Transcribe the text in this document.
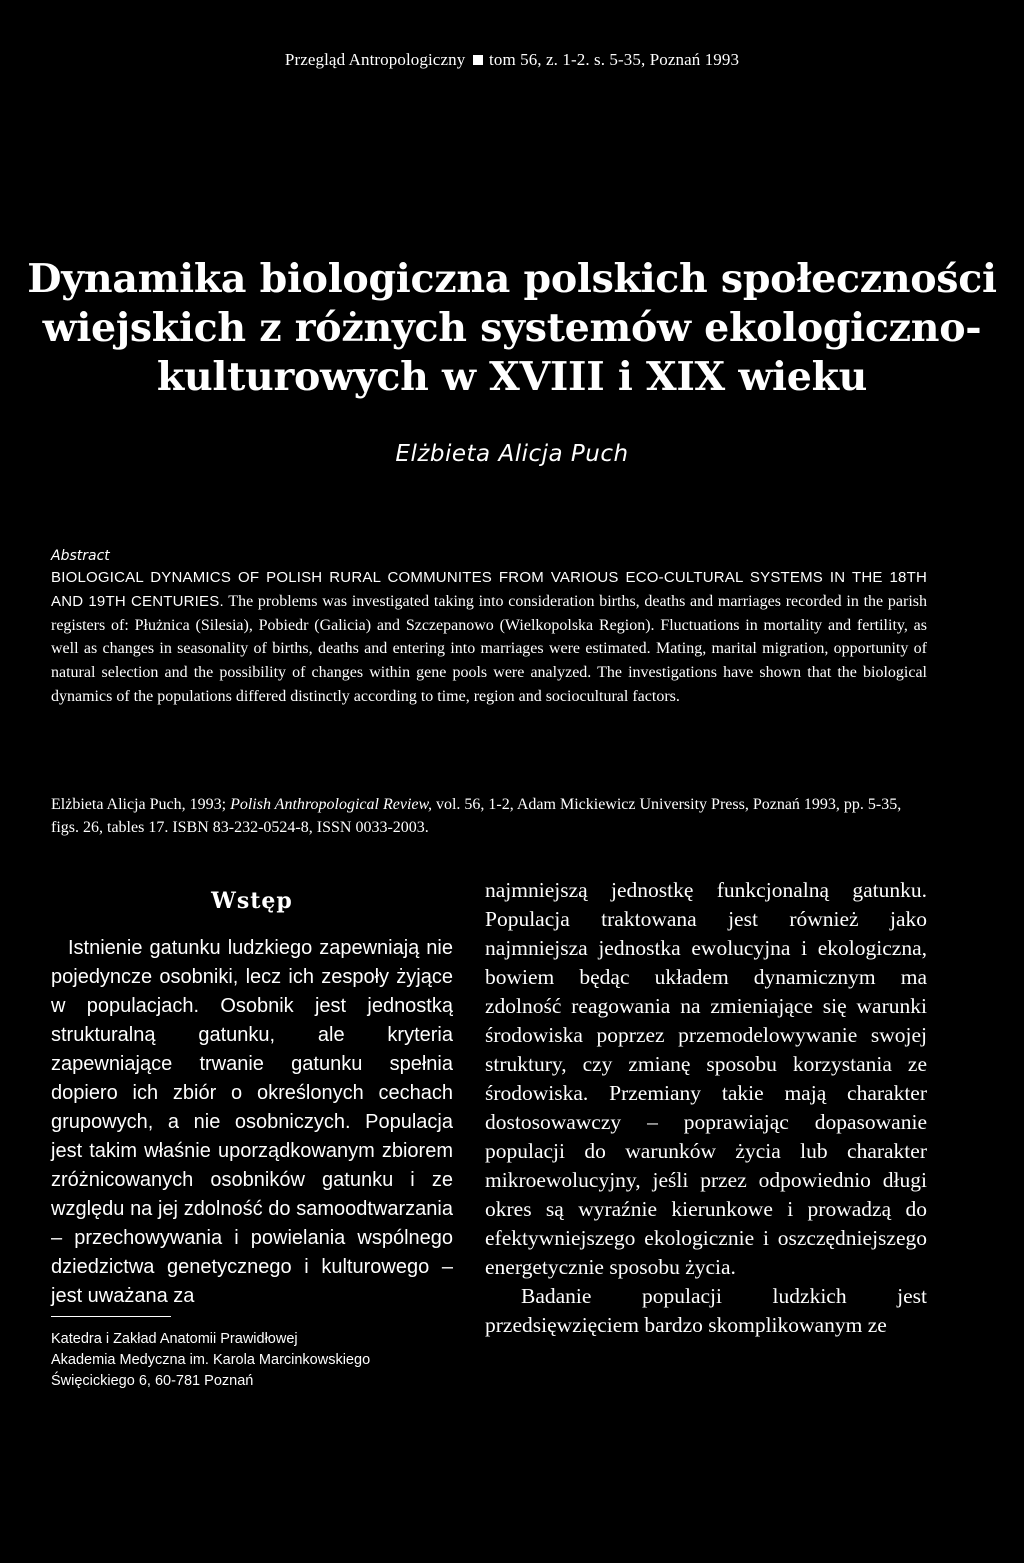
Przegląd Antropologiczny tom 56, z. 1-2. s. 5-35, Poznań 1993
Dynamika biologiczna polskich społeczności wiejskich z różnych systemów ekologiczno-kulturowych w XVIII i XIX wieku
Elżbieta Alicja Puch
Abstract

BIOLOGICAL DYNAMICS OF POLISH RURAL COMMUNITES FROM VARIOUS ECO-CULTURAL SYSTEMS IN THE 18TH AND 19TH CENTURIES. The problems was investigated taking into consideration births, deaths and marriages recorded in the parish registers of: Płużnica (Silesia), Pobiedr (Galicia) and Szczepanowo (Wielkopolska Region). Fluctuations in mortality and fertility, as well as changes in seasonality of births, deaths and entering into marriages were estimated. Mating, marital migration, opportunity of natural selection and the possibility of changes within gene pools were analyzed. The investigations have shown that the biological dynamics of the populations differed distinctly according to time, region and sociocultural factors.

Elżbieta Alicja Puch, 1993; Polish Anthropological Review, vol. 56, 1-2, Adam Mickiewicz University Press, Poznań 1993, pp. 5-35, figs. 26, tables 17. ISBN 83-232-0524-8, ISSN 0033-2003.

Wstęp

Istnienie gatunku ludzkiego zapewniają nie pojedyncze osobniki, lecz ich zespoły żyjące w populacjach. Osobnik jest jednostką strukturalną gatunku, ale kryteria zapewniające trwanie gatunku spełnia dopiero ich zbiór o określonych cechach grupowych, a nie osobniczych. Populacja jest takim właśnie uporządkowanym zbiorem zróżnicowanych osobników gatunku i ze względu na jej zdolność do samoodtwarzania – przechowywania i powielania wspólnego dziedzictwa genetycznego i kulturowego – jest uważana za

najmniejszą jednostkę funkcjonalną gatunku. Populacja traktowana jest również jako najmniejsza jednostka ewolucyjna i ekologiczna, bowiem będąc układem dynamicznym ma zdolność reagowania na zmieniające się warunki środowiska poprzez przemodelowywanie swojej struktury, czy zmianę sposobu korzystania ze środowiska. Przemiany takie mają charakter dostosowawczy – poprawiając dopasowanie populacji do warunków życia lub charakter mikroewolucyjny, jeśli przez odpowiednio długi okres są wyraźnie kierunkowe i prowadzą do efektywniejszego ekologicznie i oszczędniejszego energetycznie sposobu życia.

Badanie populacji ludzkich jest przedsięwzięciem bardzo skomplikowanym ze

Katedra i Zakład Anatomii Prawidłowej
Akademia Medyczna im. Karola Marcinkowskiego
Święcickiego 6, 60-781 Poznań
